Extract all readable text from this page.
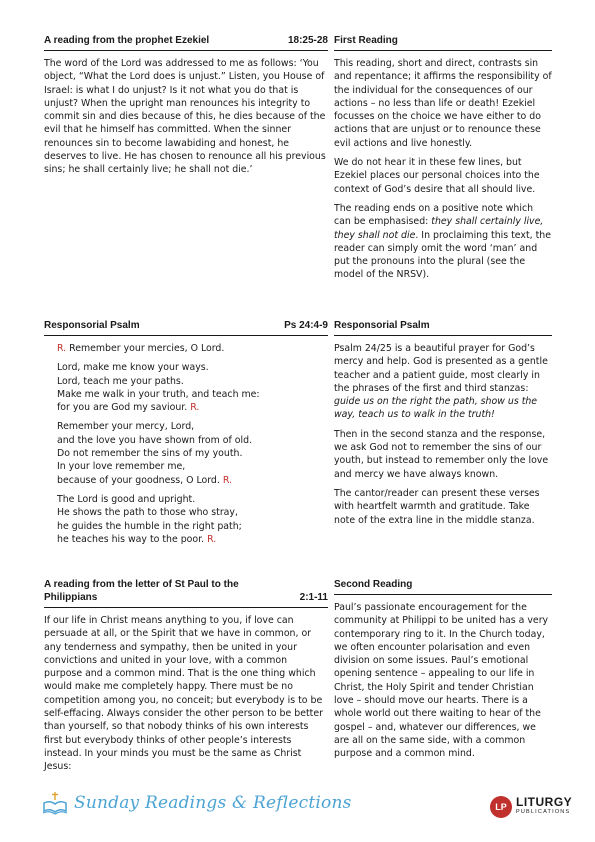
A reading from the prophet Ezekiel	18:25-28
The word of the Lord was addressed to me as follows: ‘You object, “What the Lord does is unjust.” Listen, you House of Israel: is what I do unjust? Is it not what you do that is unjust? When the upright man renounces his integrity to commit sin and dies because of this, he dies because of the evil that he himself has committed. When the sinner renounces sin to become lawabiding and honest, he deserves to live. He has chosen to renounce all his previous sins; he shall certainly live; he shall not die.’
First Reading
This reading, short and direct, contrasts sin and repentance; it affirms the responsibility of the individual for the consequences of our actions – no less than life or death! Ezekiel focusses on the choice we have either to do actions that are unjust or to renounce these evil actions and live honestly.
We do not hear it in these few lines, but Ezekiel places our personal choices into the context of God’s desire that all should live.
The reading ends on a positive note which can be emphasised: they shall certainly live, they shall not die. In proclaiming this text, the reader can simply omit the word ‘man’ and put the pronouns into the plural (see the model of the NRSV).
Responsorial Psalm	Ps 24:4-9
R. Remember your mercies, O Lord.
Lord, make me know your ways.
Lord, teach me your paths.
Make me walk in your truth, and teach me:
for you are God my saviour. R.
Remember your mercy, Lord,
and the love you have shown from of old.
Do not remember the sins of my youth.
In your love remember me,
because of your goodness, O Lord. R.
The Lord is good and upright.
He shows the path to those who stray,
he guides the humble in the right path;
he teaches his way to the poor. R.
Responsorial Psalm
Psalm 24/25 is a beautiful prayer for God’s mercy and help. God is presented as a gentle teacher and a patient guide, most clearly in the phrases of the first and third stanzas: guide us on the right the path, show us the way, teach us to walk in the truth!
Then in the second stanza and the response, we ask God not to remember the sins of our youth, but instead to remember only the love and mercy we have always known.
The cantor/reader can present these verses with heartfelt warmth and gratitude. Take note of the extra line in the middle stanza.
A reading from the letter of St Paul to the
Philippians	2:1-11
If our life in Christ means anything to you, if love can persuade at all, or the Spirit that we have in common, or any tenderness and sympathy, then be united in your convictions and united in your love, with a common purpose and a common mind. That is the one thing which would make me completely happy. There must be no competition among you, no conceit; but everybody is to be self-effacing. Always consider the other person to be better than yourself, so that nobody thinks of his own interests first but everybody thinks of other people’s interests instead. In your minds you must be the same as Christ Jesus:
Second Reading
Paul’s passionate encouragement for the community at Philippi to be united has a very contemporary ring to it. In the Church today, we often encounter polarisation and even division on some issues. Paul’s emotional opening sentence – appealing to our life in Christ, the Holy Spirit and tender Christian love – should move our hearts. There is a whole world out there waiting to hear of the gospel – and, whatever our differences, we are all on the same side, with a common purpose and a common mind.
Sunday Readings & Reflections	LP LITURGY
PUBLICATIONS
